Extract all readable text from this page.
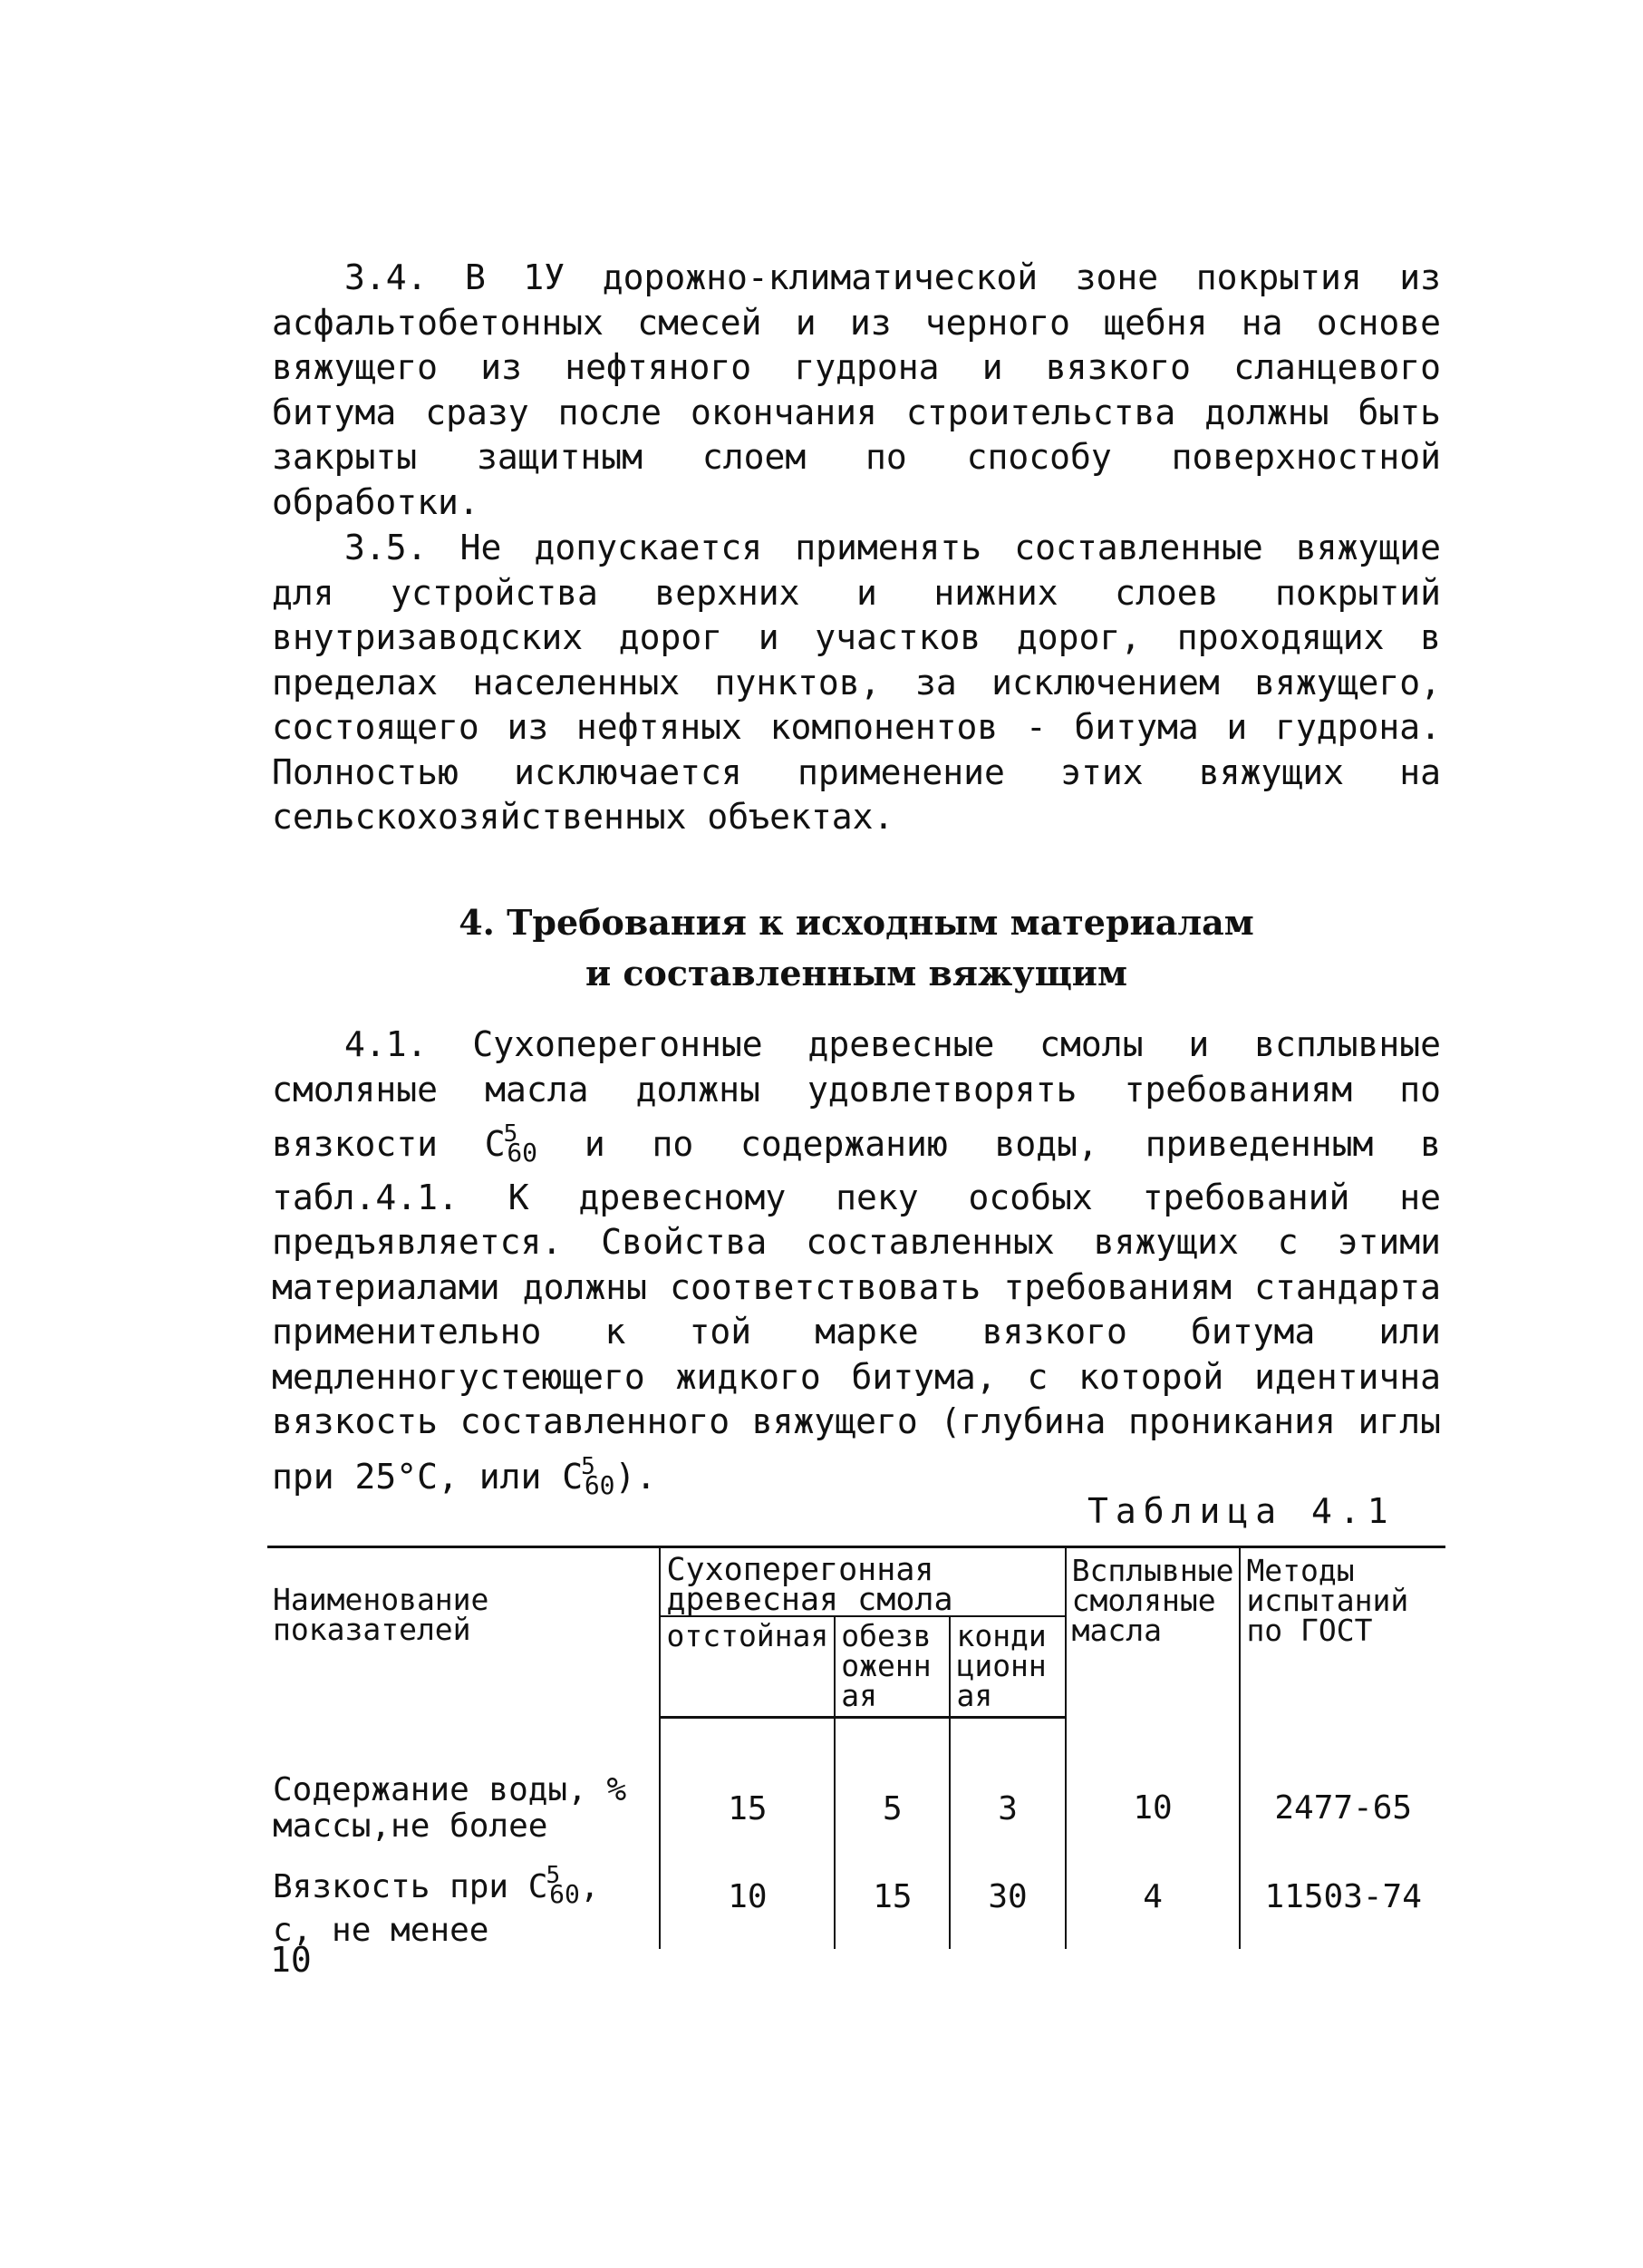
3.4. В 1У дорожно-климатической зоне покрытия из асфальтобетонных смесей и из черного щебня на основе вяжущего из нефтяного гудрона и вязкого сланцевого битума сразу после окончания строительства должны быть закрыты защитным слоем по способу поверхностной обработки.

3.5. Не допускается применять составленные вяжущие для устройства верхних и нижних слоев покрытий внутризаводских дорог и участков дорог, проходящих в пределах населенных пунктов, за исключением вяжущего, состоящего из нефтяных компонентов - битума и гудрона. Полностью исключается применение этих вяжущих на сельскохозяйственных объектах.

4. Требования к исходным материалам
и составленным вяжущим

4.1. Сухоперегонные древесные смолы и всплывные смоляные масла должны удовлетворять требованиям по вязкости $С^5_{60}$ и по содержанию воды, приведенным в табл.4.1. К древесному пеку особых требований не предъявляется. Свойства составленных вяжущих с этими материалами должны соответствовать требованиям стандарта применительно к той марке вязкого битума или медленногустеющего жидкого битума, с которой идентична вязкость составленного вяжущего (глубина проникания иглы при 25°С, или $С^5_{60}$).

Таблица 4.1
Наименование показателей	Сухоперегонная древесная смола			Всплывные смоляные масла	Методы испытаний по ГОСТ
	отстойная	обезвоженная	кондиционная		
Содержание воды, % массы,не более	15	5	3	10	2477-65
Вязкость при $С^5_{60}$, с, не менее	10	15	30	4	11503-74
10
